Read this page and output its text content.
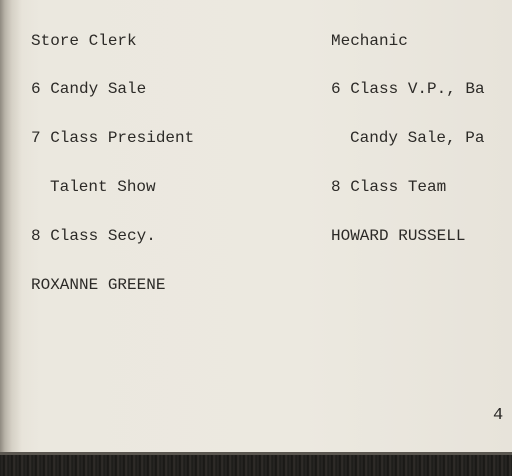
Store Clerk

6 Candy Sale

7 Class President

Talent Show

8 Class Secy.

ROXANNE GREENE

Mechanic

6 Class V.P., Ba

Candy Sale, Pa

8 Class Team

HOWARD RUSSELL

4
